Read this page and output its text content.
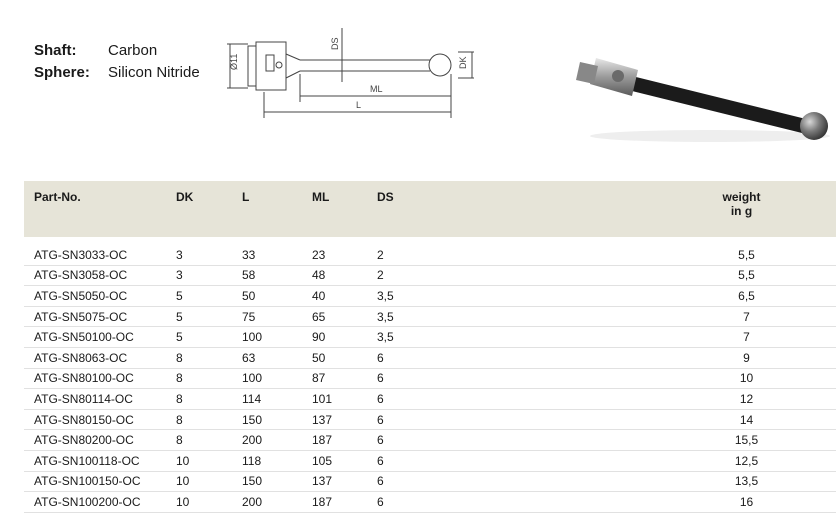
Shaft:	Carbon
Sphere:	Silicon Nitride
Ø11
DS
DK
ML
L
Part-No.	DK	L	ML	DS	weight
in g

ATG-SN3033-OC	3	33	23	2	5,5
ATG-SN3058-OC	3	58	48	2	5,5
ATG-SN5050-OC	5	50	40	3,5	6,5
ATG-SN5075-OC	5	75	65	3,5	7
ATG-SN50100-OC	5	100	90	3,5	7
ATG-SN8063-OC	8	63	50	6	9
ATG-SN80100-OC	8	100	87	6	10
ATG-SN80114-OC	8	114	101	6	12
ATG-SN80150-OC	8	150	137	6	14
ATG-SN80200-OC	8	200	187	6	15,5
ATG-SN100118-OC	10	118	105	6	12,5
ATG-SN100150-OC	10	150	137	6	13,5
ATG-SN100200-OC	10	200	187	6	16
